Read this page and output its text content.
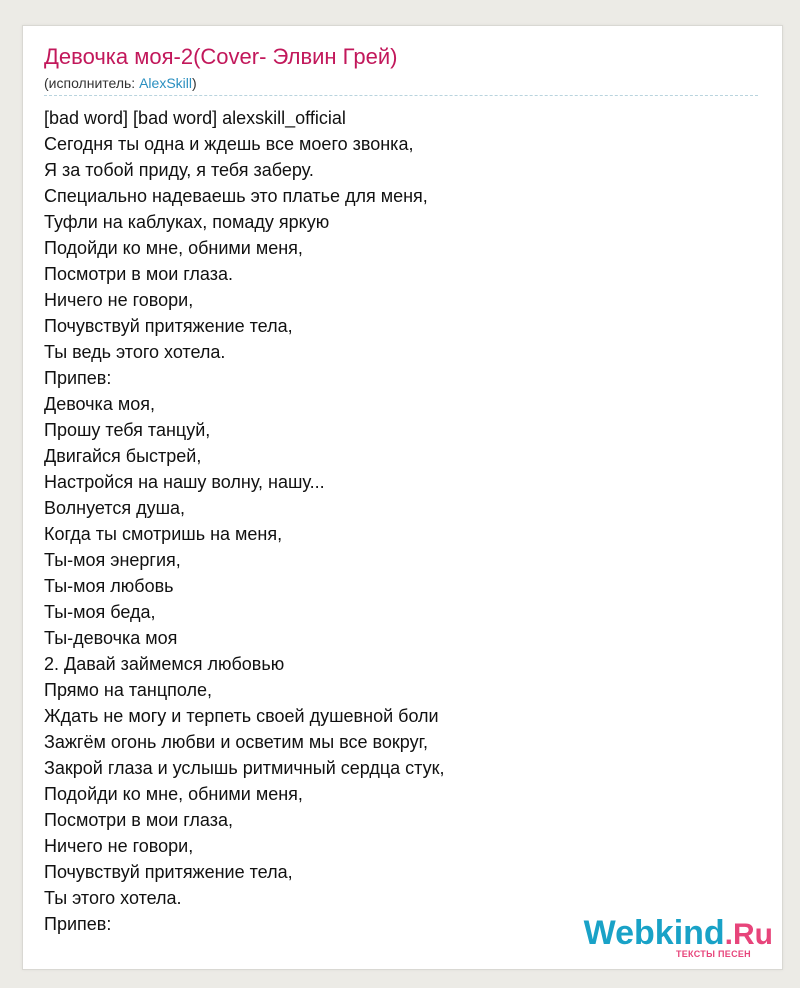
Девочка моя-2(Cover- Элвин Грей)
(исполнитель: AlexSkill)
[bad word] [bad word] alexskill_official
Сегодня ты одна и ждешь все моего звонка,
Я за тобой приду, я тебя заберу.
Специально надеваешь это платье для меня,
Туфли на каблуках, помаду яркую
Подойди ко мне, обними меня,
Посмотри в мои глаза.
Ничего не говори,
Почувствуй притяжение тела,
Ты ведь этого хотела.
Припев:
Девочка моя,
Прошу тебя танцуй,
Двигайся быстрей,
Настройся на нашу волну, нашу...
Волнуется душа,
Когда ты смотришь на меня,
Ты-моя энергия,
Ты-моя любовь
Ты-моя беда,
Ты-девочка моя
2. Давай займемся любовью
Прямо на танцполе,
Ждать не могу и терпеть своей душевной боли
Зажгём огонь любви и осветим мы все вокруг,
Закрой глаза и услышь ритмичный сердца стук,
Подойди ко мне, обними меня,
Посмотри в мои глаза,
Ничего не говори,
Почувствуй притяжение тела,
Ты этого хотела.
Припев:	Webkind.Ru
ТЕКСТЫ ПЕСЕН
